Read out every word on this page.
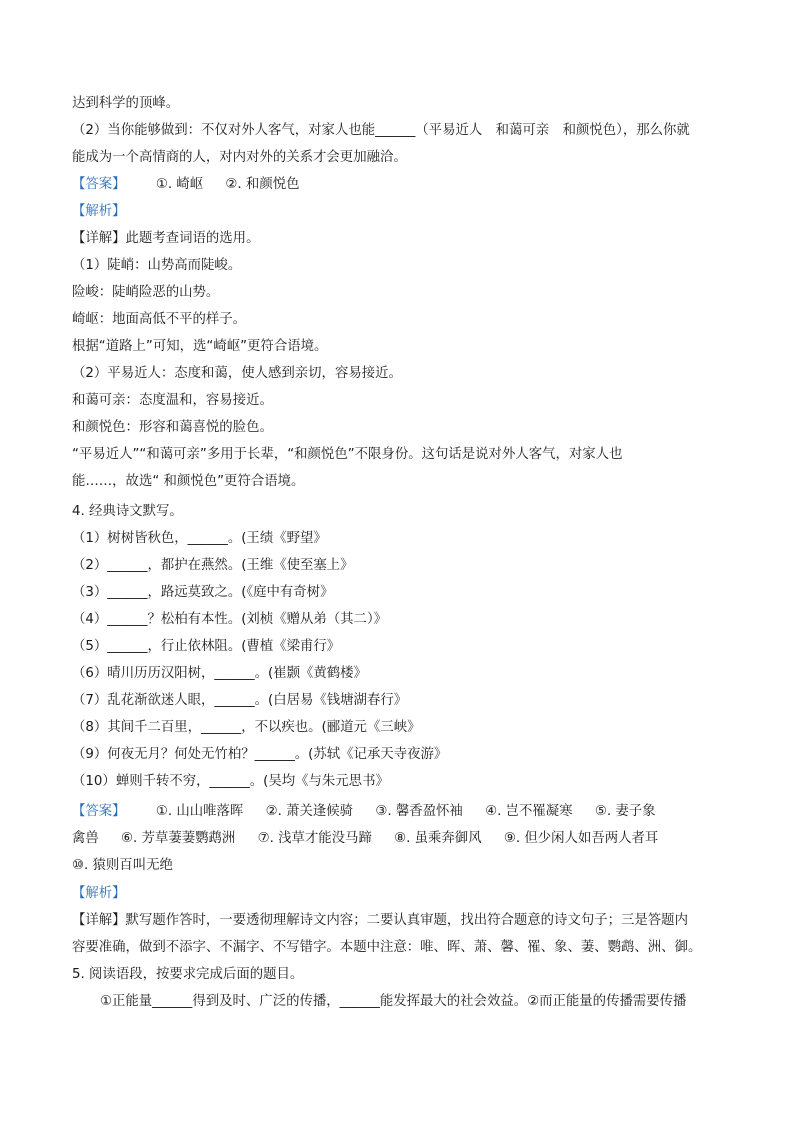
达到科学的顶峰。
（2）当你能够做到：不仅对外人客气，对家人也能______（平易近人　和蔼可亲　和颜悦色），那么你就
能成为一个高情商的人，对内对外的关系才会更加融洽。
【答案】 ①. 崎岖 ②. 和颜悦色
【解析】
【详解】此题考查词语的选用。
（1）陡峭：山势高而陡峻。
险峻：陡峭险恶的山势。
崎岖：地面高低不平的样子。
根据“道路上”可知，选“崎岖”更符合语境。
（2）平易近人：态度和蔼，使人感到亲切，容易接近。
和蔼可亲：态度温和，容易接近。
和颜悦色：形容和蔼喜悦的脸色。
“平易近人”“和蔼可亲”多用于长辈，“和颜悦色”不限身份。这句话是说对外人客气，对家人也
能……，故选“ 和颜悦色”更符合语境。
4. 经典诗文默写。
（1）树树皆秋色，______。(王绩《野望》
（2）______，都护在燕然。(王维《使至塞上》
（3）______，路远莫致之。(《庭中有奇树》
（4）______？松柏有本性。(刘桢《赠从弟（其二）》
（5）______，行止依林阻。(曹植《梁甫行》
（6）晴川历历汉阳树，______。(崔颢《黄鹤楼》
（7）乱花渐欲迷人眼，______。(白居易《钱塘湖春行》
（8）其间千二百里，______，不以疾也。(郦道元《三峡》
（9）何夜无月？何处无竹柏？______。(苏轼《记承天寺夜游》
（10）蝉则千转不穷，______。(吴均《与朱元思书》
【答案】 ①. 山山唯落晖 ②. 萧关逢候骑 ③. 馨香盈怀袖 ④. 岂不罹凝寒 ⑤. 妻子象
禽兽 ⑥. 芳草萋萋鹦鹉洲 ⑦. 浅草才能没马蹄 ⑧. 虽乘奔御风 ⑨. 但少闲人如吾两人者耳
⑩. 猿则百叫无绝
【解析】
【详解】默写题作答时，一要透彻理解诗文内容；二要认真审题，找出符合题意的诗文句子；三是答题内
容要准确，做到不添字、不漏字、不写错字。本题中注意：唯、晖、萧、馨、罹、象、萋、鹦鹉、洲、御。
5. 阅读语段，按要求完成后面的题目。
①正能量______得到及时、广泛的传播，______能发挥最大的社会效益。②而正能量的传播需要传播
